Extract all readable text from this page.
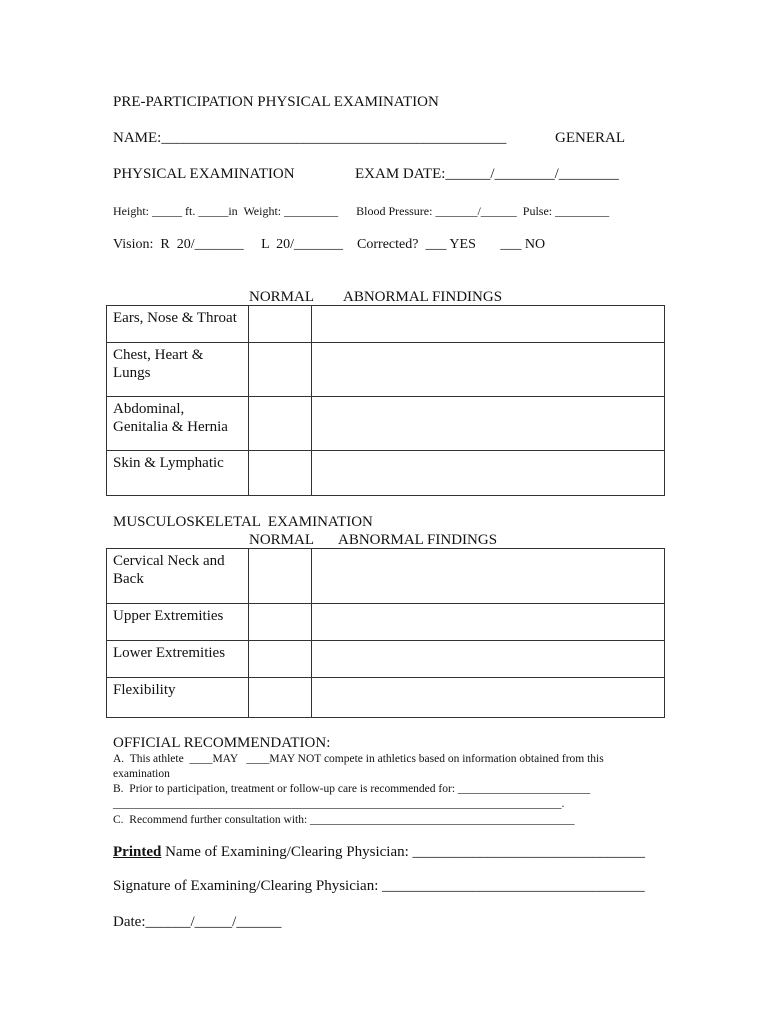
PRE-PARTICIPATION PHYSICAL EXAMINATION
NAME:______________________________________________	GENERAL
PHYSICAL EXAMINATION	EXAM DATE:______/________/________
Height: _____ ft. _____in  Weight: _________      Blood Pressure: _______/______  Pulse: _________
Vision:  R  20/_______     L  20/_______    Corrected?  ___ YES       ___ NO
NORMAL ABNORMAL FINDINGS
Ears, Nose & Throat		
Chest, Heart & Lungs		
Abdominal, Genitalia & Hernia		
Skin & Lymphatic		
MUSCULOSKELETAL  EXAMINATION
NORMAL ABNORMAL FINDINGS
Cervical Neck and Back		
Upper Extremities		
Lower Extremities		
Flexibility		
OFFICIAL RECOMMENDATION:
A.  This athlete  ____MAY   ____MAY NOT compete in athletics based on information obtained from this
examination
B.  Prior to participation, treatment or follow-up care is recommended for: _______________________
______________________________________________________________________________.
C.  Recommend further consultation with: ______________________________________________
Printed Name of Examining/Clearing Physician: _______________________________
Signature of Examining/Clearing Physician: ___________________________________
Date:______/_____/______
